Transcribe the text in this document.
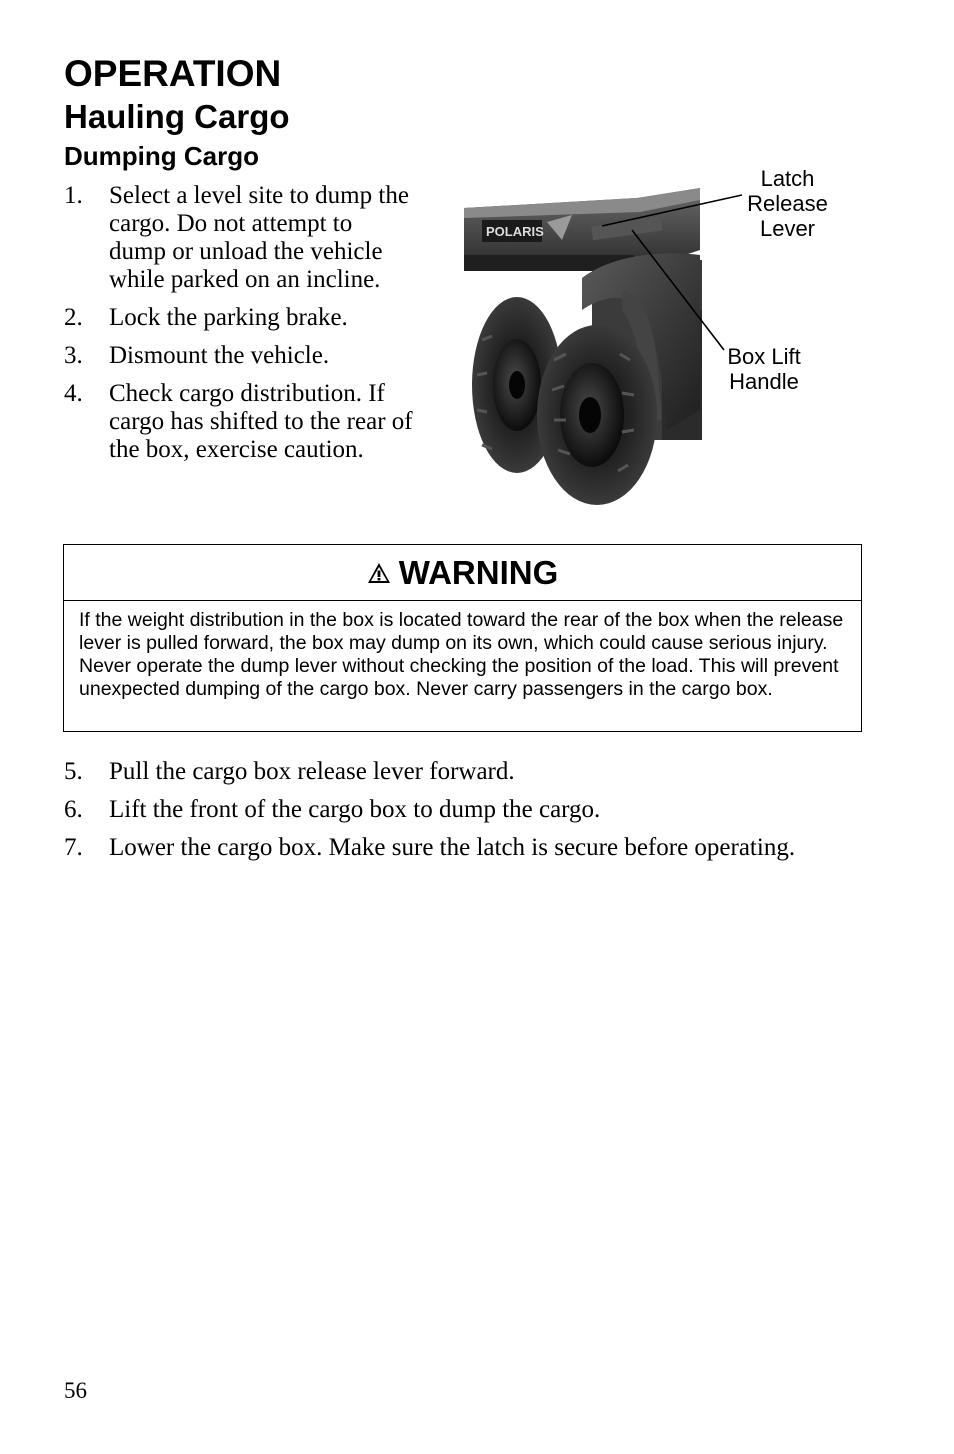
OPERATION
Hauling Cargo
Dumping Cargo
1. Select a level site to dump the cargo. Do not attempt to dump or unload the vehicle while parked on an incline.
2. Lock the parking brake.
3. Dismount the vehicle.
4. Check cargo distribution. If cargo has shifted to the rear of the box, exercise caution.
POLARIS
Latch Release Lever
Box Lift Handle
WARNING
If the weight distribution in the box is located toward the rear of the box when the release lever is pulled forward, the box may dump on its own, which could cause serious injury. Never operate the dump lever without checking the position of the load. This will prevent unexpected dumping of the cargo box. Never carry passengers in the cargo box.
5. Pull the cargo box release lever forward.
6. Lift the front of the cargo box to dump the cargo.
7. Lower the cargo box. Make sure the latch is secure before operating.
56
